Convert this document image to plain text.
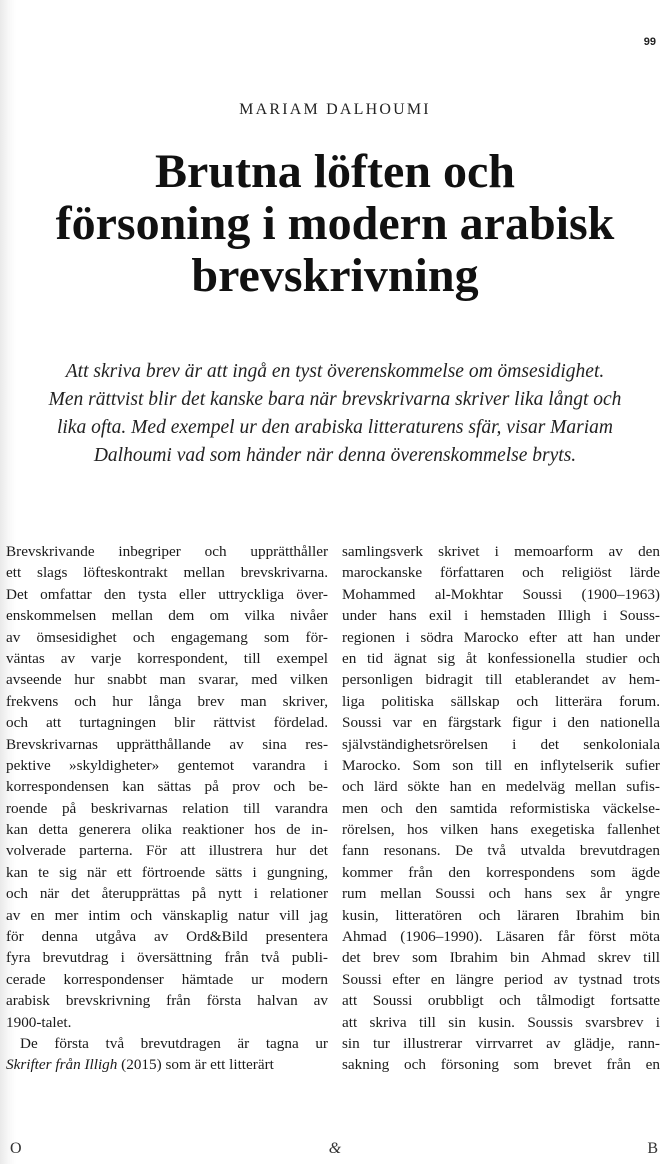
99
MARIAM DALHOUMI
Brutna löften och
försoning i modern arabisk
brevskrivning
Att skriva brev är att ingå en tyst överenskommelse om ömsesidighet.
Men rättvist blir det kanske bara när brevskrivarna skriver lika långt och
lika ofta. Med exempel ur den arabiska litteraturens sfär, visar Mariam
Dalhoumi vad som händer när denna överenskommelse bryts.
Brevskrivande inbegriper och upprätthåller
ett slags löfteskontrakt mellan brevskrivarna.
Det omfattar den tysta eller uttryckliga över-
enskommelsen mellan dem om vilka nivåer
av ömsesidighet och engagemang som för-
väntas av varje korrespondent, till exempel
avseende hur snabbt man svarar, med vilken
frekvens och hur långa brev man skriver,
och att turtagningen blir rättvist fördelad.
Brevskrivarnas upprätthållande av sina res-
pektive »skyldigheter» gentemot varandra i
korrespondensen kan sättas på prov och be-
roende på beskrivarnas relation till varandra
kan detta generera olika reaktioner hos de in-
volverade parterna. För att illustrera hur det
kan te sig när ett förtroende sätts i gungning,
och när det återupprättas på nytt i relationer
av en mer intim och vänskaplig natur vill jag
för denna utgåva av Ord&Bild presentera
fyra brevutdrag i översättning från två publi-
cerade korrespondenser hämtade ur modern
arabisk brevskrivning från första halvan av
1900-talet.
De första två brevutdragen är tagna ur
Skrifter från Illigh (2015) som är ett litterärt
samlingsverk skrivet i memoarform av den
marockanske författaren och religiöst lärde
Mohammed al-Mokhtar Soussi (1900–1963)
under hans exil i hemstaden Illigh i Souss-
regionen i södra Marocko efter att han under
en tid ägnat sig åt konfessionella studier och
personligen bidragit till etablerandet av hem-
liga politiska sällskap och litterära forum.
Soussi var en färgstark figur i den nationella
självständighetsrörelsen i det senkoloniala
Marocko. Som son till en inflytelserik sufier
och lärd sökte han en medelväg mellan sufis-
men och den samtida reformistiska väckelse-
rörelsen, hos vilken hans exegetiska fallenhet
fann resonans. De två utvalda brevutdragen
kommer från den korrespondens som ägde
rum mellan Soussi och hans sex år yngre
kusin, litteratören och läraren Ibrahim bin
Ahmad (1906–1990). Läsaren får först möta
det brev som Ibrahim bin Ahmad skrev till
Soussi efter en längre period av tystnad trots
att Soussi orubbligt och tålmodigt fortsatte
att skriva till sin kusin. Soussis svarsbrev i
sin tur illustrerar virrvarret av glädje, rann-
sakning och försoning som brevet från en
O	&	B
